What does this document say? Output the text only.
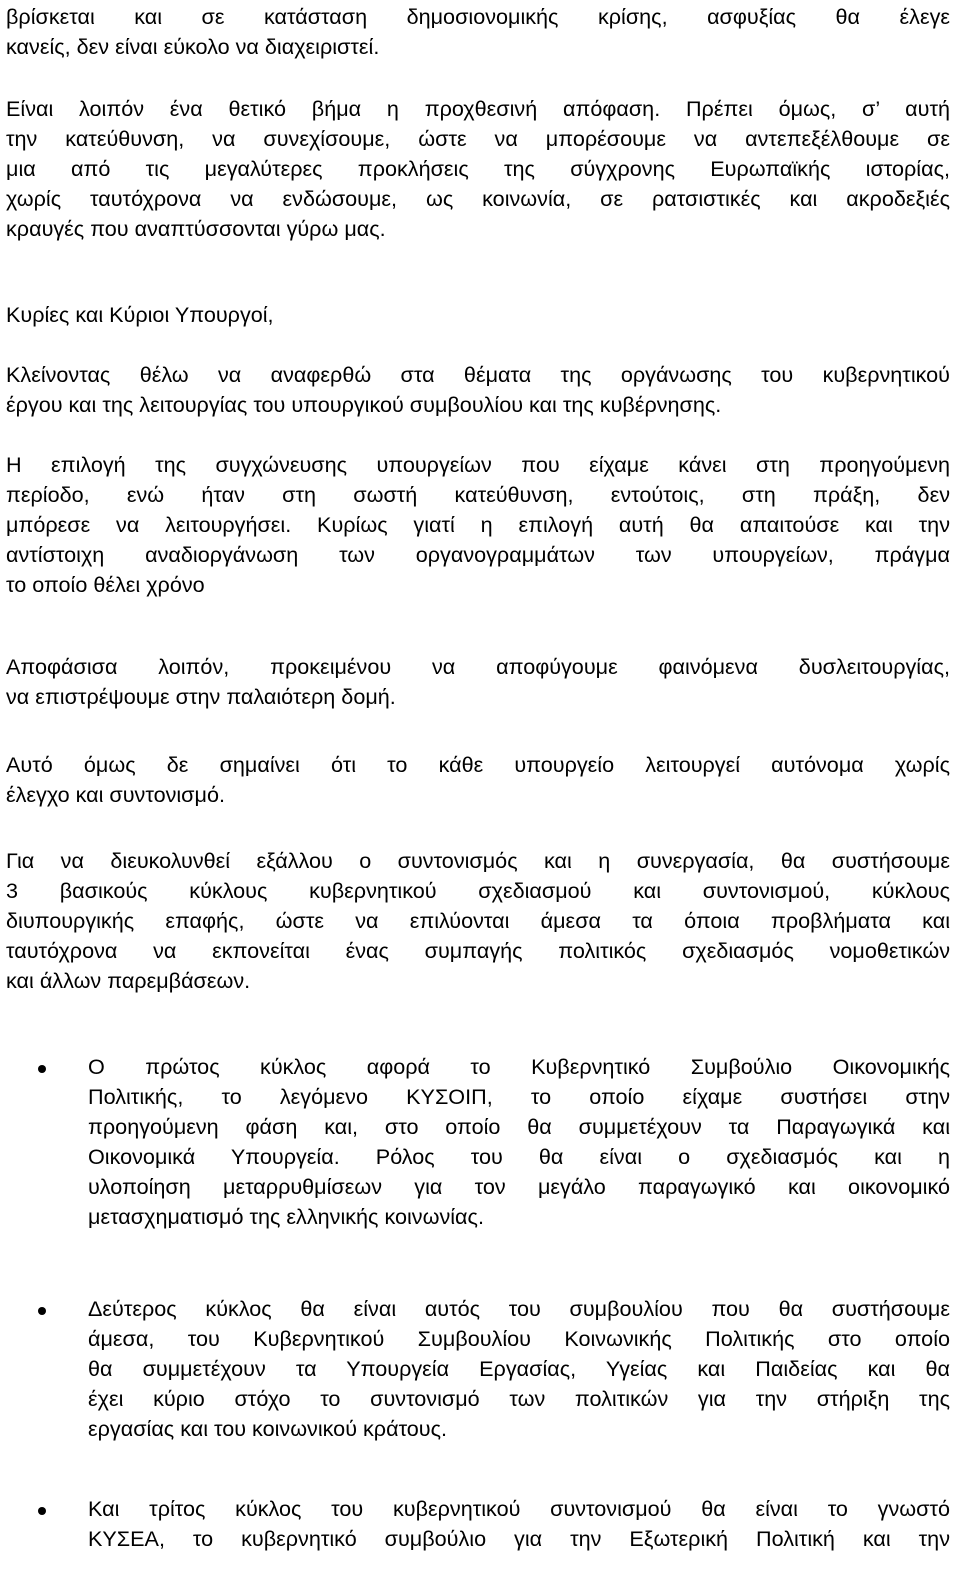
βρίσκεται και σε κατάσταση δημοσιονομικής κρίσης, ασφυξίας θα έλεγε
κανείς, δεν είναι εύκολο να διαχειριστεί.

Είναι λοιπόν ένα θετικό βήμα η προχθεσινή απόφαση. Πρέπει όμως, σ’ αυτή
την κατεύθυνση, να συνεχίσουμε, ώστε να μπορέσουμε να αντεπεξέλθουμε σε
μια από τις μεγαλύτερες προκλήσεις της σύγχρονης Ευρωπαϊκής ιστορίας,
χωρίς ταυτόχρονα να ενδώσουμε, ως κοινωνία, σε ρατσιστικές και ακροδεξιές
κραυγές που αναπτύσσονται γύρω μας.

Κυρίες και Κύριοι Υπουργοί,

Κλείνοντας θέλω να αναφερθώ στα θέματα της οργάνωσης του κυβερνητικού
έργου και της λειτουργίας του υπουργικού συμβουλίου και της κυβέρνησης.

Η επιλογή της συγχώνευσης υπουργείων που είχαμε κάνει στη προηγούμενη
περίοδο, ενώ ήταν στη σωστή κατεύθυνση, εντούτοις, στη πράξη, δεν
μπόρεσε να λειτουργήσει. Κυρίως γιατί η επιλογή αυτή θα απαιτούσε και την
αντίστοιχη αναδιοργάνωση των οργανογραμμάτων των υπουργείων, πράγμα
το οποίο θέλει χρόνο

Αποφάσισα λοιπόν, προκειμένου να αποφύγουμε φαινόμενα δυσλειτουργίας,
να επιστρέψουμε στην παλαιότερη δομή.

Αυτό όμως δε σημαίνει ότι το κάθε υπουργείο λειτουργεί αυτόνομα χωρίς
έλεγχο και συντονισμό.

Για να διευκολυνθεί εξάλλου ο συντονισμός και η συνεργασία, θα συστήσουμε
3 βασικούς κύκλους κυβερνητικού σχεδιασμού και συντονισμού, κύκλους
διυπουργικής επαφής, ώστε να επιλύονται άμεσα τα όποια προβλήματα και
ταυτόχρονα να εκπονείται ένας συμπαγής πολιτικός σχεδιασμός νομοθετικών
και άλλων παρεμβάσεων.

Ο πρώτος κύκλος αφορά το Κυβερνητικό Συμβούλιο Οικονομικής
Πολιτικής, το λεγόμενο ΚΥΣΟΙΠ, το οποίο είχαμε συστήσει στην
προηγούμενη φάση και, στο οποίο θα συμμετέχουν τα Παραγωγικά και
Οικονομικά Υπουργεία. Ρόλος του θα είναι ο σχεδιασμός και η
υλοποίηση μεταρρυθμίσεων για τον μεγάλο παραγωγικό και οικονομικό
μετασχηματισμό της ελληνικής κοινωνίας.
Δεύτερος κύκλος θα είναι αυτός του συμβουλίου που θα συστήσουμε
άμεσα, του Κυβερνητικού Συμβουλίου Κοινωνικής Πολιτικής στο οποίο
θα συμμετέχουν τα Υπουργεία Εργασίας, Υγείας και Παιδείας και θα
έχει κύριο στόχο το συντονισμό των πολιτικών για την στήριξη της
εργασίας και του κοινωνικού κράτους.
Και τρίτος κύκλος του κυβερνητικού συντονισμού θα είναι το γνωστό
ΚΥΣΕΑ, το κυβερνητικό συμβούλιο για την Εξωτερική Πολιτική και την
